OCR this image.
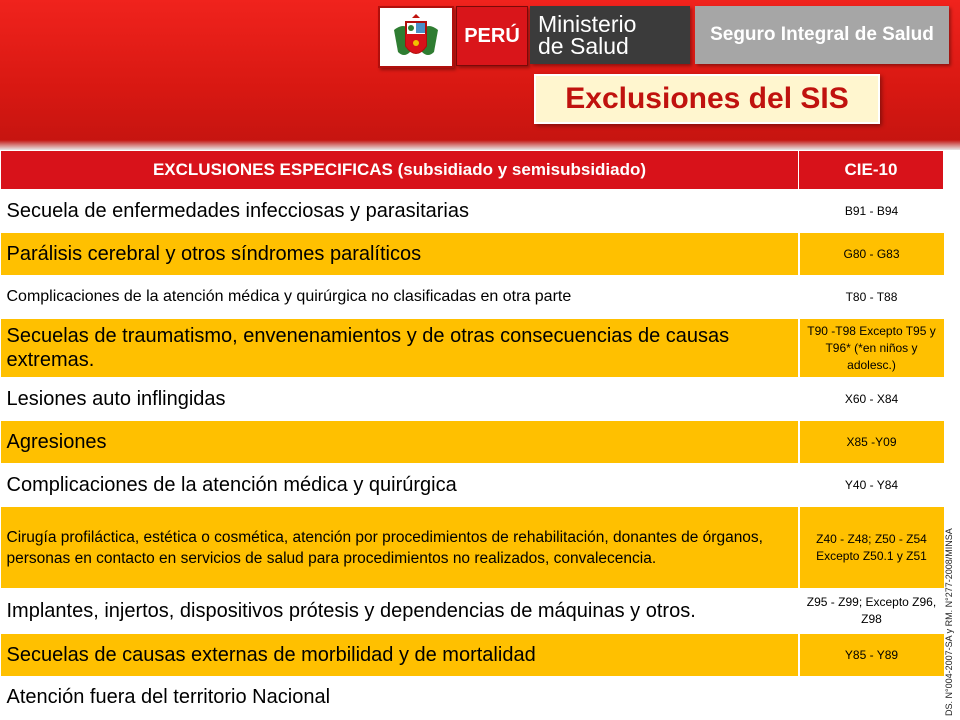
PERÚ Ministerio
de Salud	Seguro Integral de Salud
Exclusiones del SIS
EXCLUSIONES ESPECIFICAS (subsidiado y semisubsidiado)	CIE-10
Secuela de enfermedades infecciosas y parasitarias	B91 - B94
Parálisis cerebral y otros síndromes paralíticos	G80 - G83
Complicaciones de la atención médica y quirúrgica no clasificadas en otra parte	T80 - T88
Secuelas de traumatismo, envenenamientos y de otras consecuencias de causas extremas.	T90 -T98 Excepto T95 y T96* (*en niños y adolesc.)
Lesiones auto inflingidas	X60 - X84
Agresiones	X85 -Y09
Complicaciones de la atención médica y quirúrgica	Y40 - Y84
Cirugía profiláctica, estética o cosmética, atención por procedimientos de rehabilitación, donantes de órganos, personas en contacto en servicios de salud para procedimientos no realizados, convalecencia.	Z40 - Z48; Z50 - Z54 Excepto Z50.1 y Z51
Implantes, injertos, dispositivos prótesis y dependencias de máquinas y otros.	Z95 - Z99; Excepto Z96, Z98
Secuelas de causas externas de morbilidad y de mortalidad	Y85 - Y89
Atención fuera del territorio Nacional		DS. N°004-2007-SA y RM. N°277-2008/MINSA
